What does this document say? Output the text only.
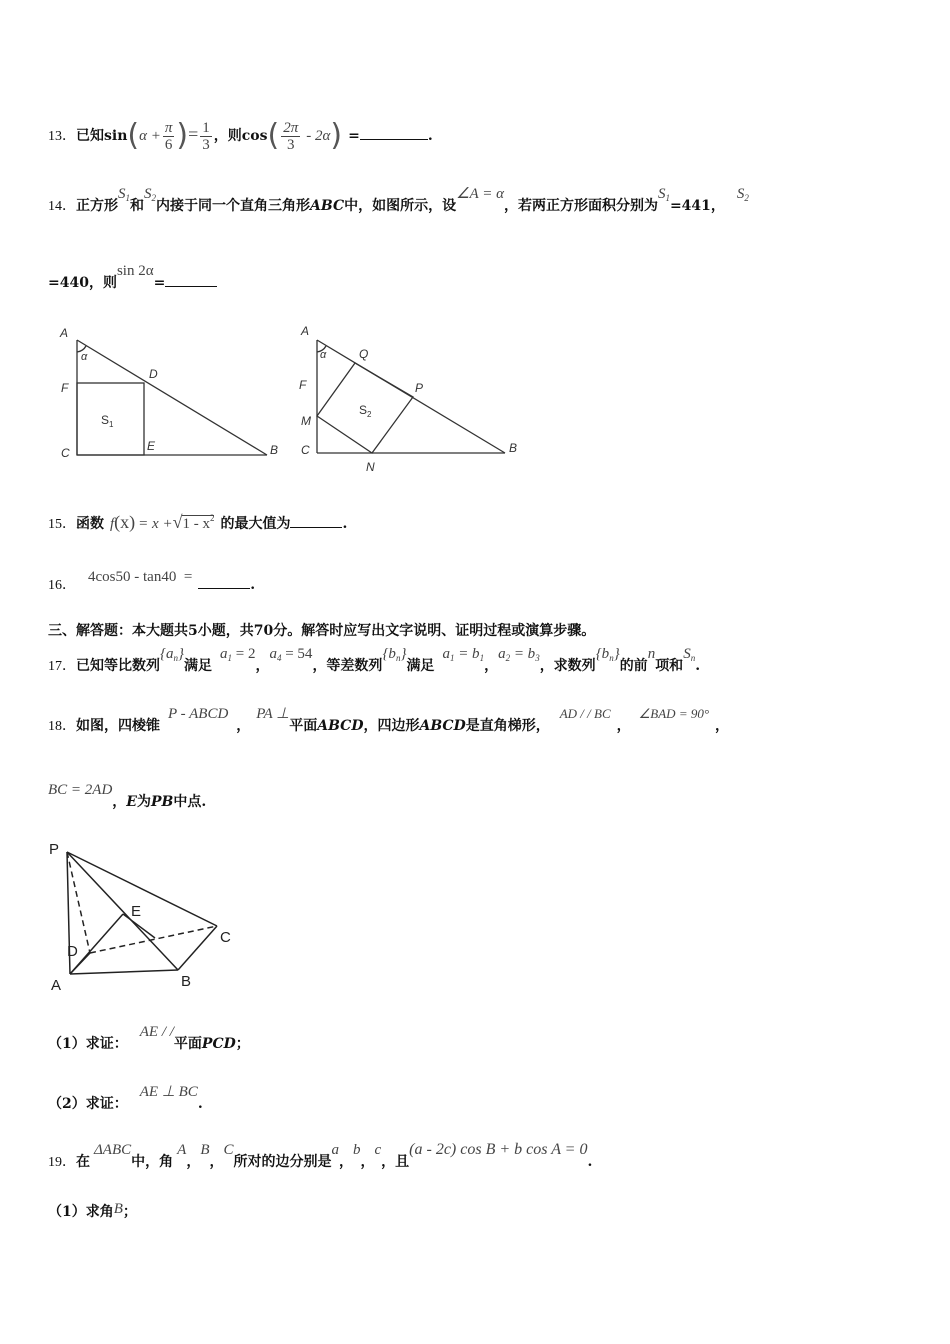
13．已知$\sin(\alpha + \frac{\pi}{6}$ )= $\frac{1}{3}$ ，则$\cos( \frac{2\pi}{3} - 2\alpha)$ =	.
14．正方形$S_1$和$S_2$内接于同一个直角三角形ABC中，如图所示，设∠A = α，若两正方形面积分别为$S_1=441$，$S_2$
=440，则sin 2α=
A
α
D
F
$S_1$
C	E	B
A
α	Q
P
F
M
$S_2$
C
N
B
15．函数 $f(x) = x +√1 - x^2$ 的最大值为	.
16．4cos50 - tan40  =	.
三、解答题：本大题共5小题，共70分。解答时应写出文字说明、证明过程或演算步骤。
17．已知等比数列$\{a_n\}$满足$a_1 = 2$，$a_4 = 54$，等差数列$\{b_n\}$满足$a_1 = b_1$，$a_2 = b_3$，求数列$\{b_n\}$的前n项和$S_n$.
18．如图，四棱锥P - ABCD，PA ⊥平面ABCD，四边形ABCD是直角梯形，AD / / BC，∠BAD = 90°，
BC = 2AD，E为PB中点.
P
E
C
D
A	B
（1）求证：AE / /平面PCD；
（2）求证：AE ⊥ BC.
19．在ΔABC中，角A，B，C所对的边分别是a，b，c，且(a - 2c) cos B + b cos A = 0.
（1）求角B；
